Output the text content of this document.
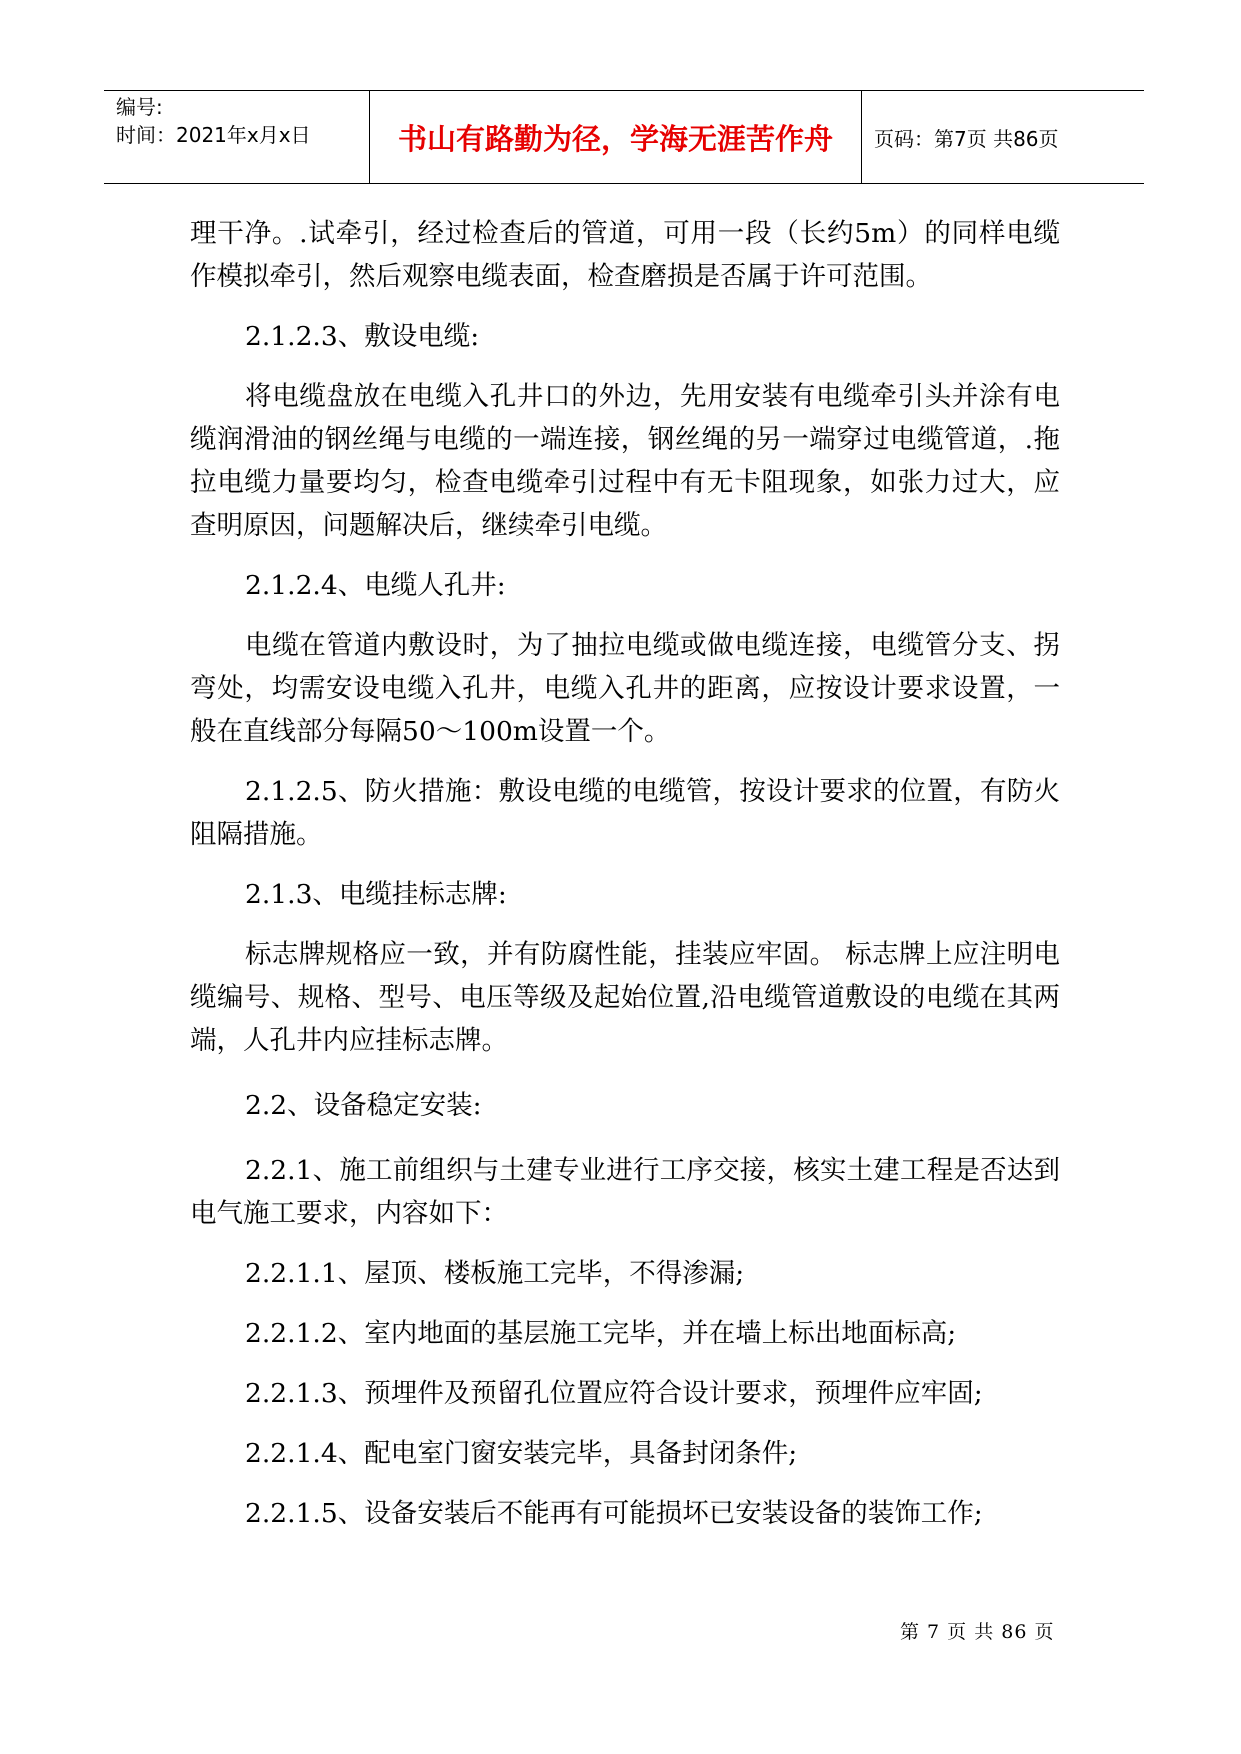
编号:
时间：2021年x月x日	书山有路勤为径，学海无涯苦作舟	页码：第7页 共86页

理干净。.试牵引，经过检查后的管道，可用一段（长约5m）的同样电缆作模拟牵引，然后观察电缆表面，检查磨损是否属于许可范围。

2.1.2.3、敷设电缆:

将电缆盘放在电缆入孔井口的外边，先用安装有电缆牵引头并涂有电缆润滑油的钢丝绳与电缆的一端连接，钢丝绳的另一端穿过电缆管道，.拖拉电缆力量要均匀，检查电缆牵引过程中有无卡阻现象，如张力过大，应查明原因，问题解决后，继续牵引电缆。

2.1.2.4、电缆人孔井:

电缆在管道内敷设时，为了抽拉电缆或做电缆连接，电缆管分支、拐弯处，均需安设电缆入孔井，电缆入孔井的距离，应按设计要求设置，一般在直线部分每隔50～100m设置一个。

2.1.2.5、防火措施：敷设电缆的电缆管，按设计要求的位置，有防火阻隔措施。

2.1.3、电缆挂标志牌:

标志牌规格应一致，并有防腐性能，挂装应牢固。 标志牌上应注明电缆编号、规格、型号、电压等级及起始位置,沿电缆管道敷设的电缆在其两端，人孔井内应挂标志牌。

2.2、设备稳定安装:

2.2.1、施工前组织与土建专业进行工序交接，核实土建工程是否达到电气施工要求，内容如下：

2.2.1.1、屋顶、楼板施工完毕，不得渗漏;

2.2.1.2、室内地面的基层施工完毕，并在墙上标出地面标高;

2.2.1.3、预埋件及预留孔位置应符合设计要求，预埋件应牢固;

2.2.1.4、配电室门窗安装完毕，具备封闭条件;

2.2.1.5、设备安装后不能再有可能损坏已安装设备的装饰工作;

第 7 页 共 86 页
